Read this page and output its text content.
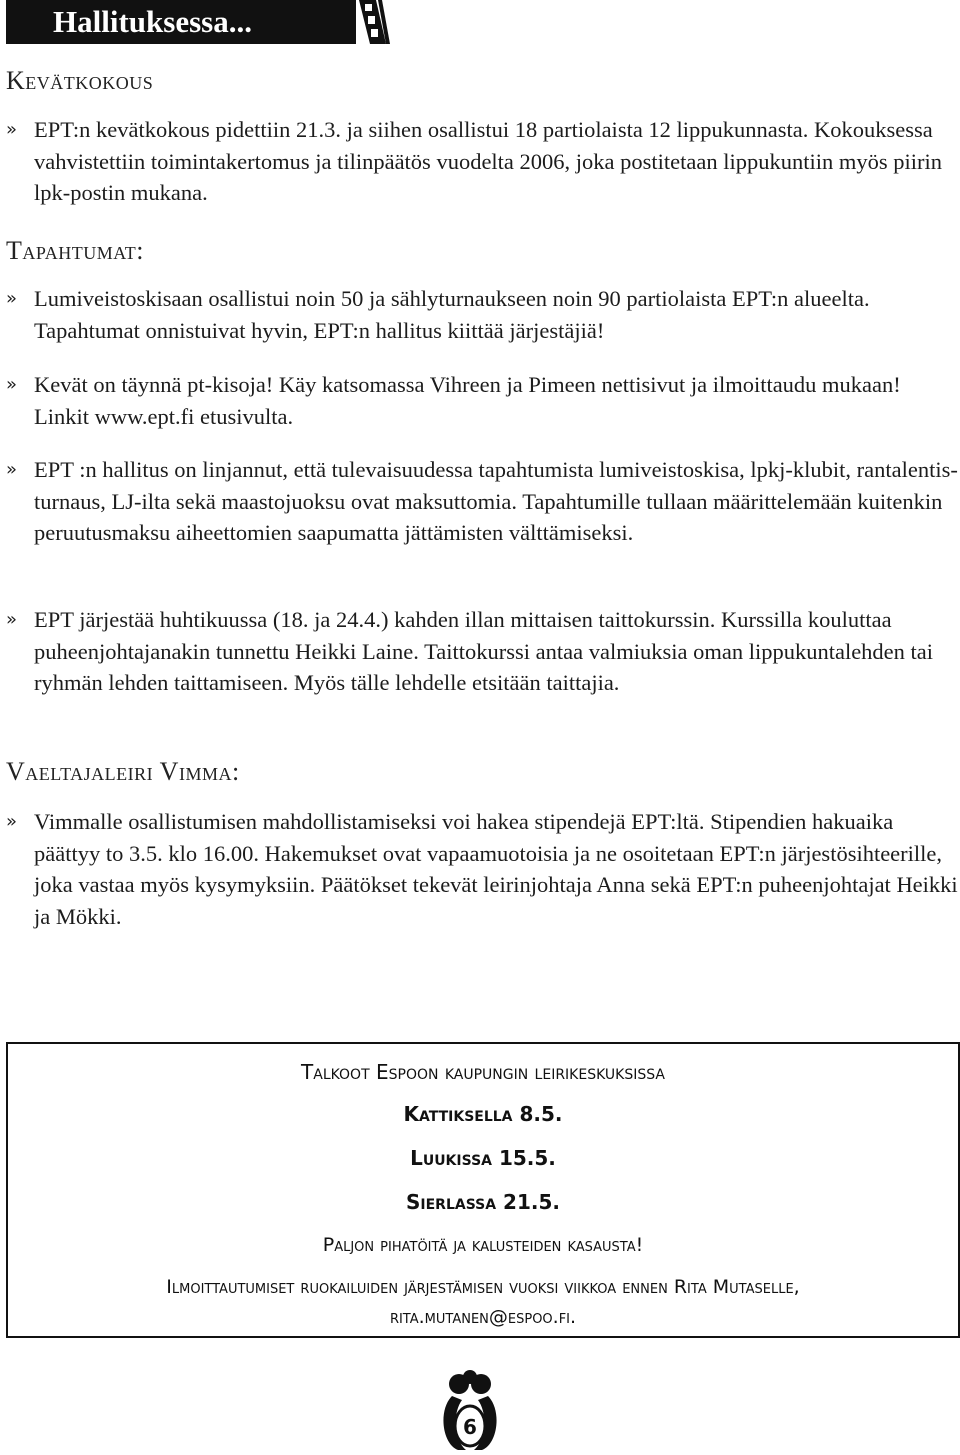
Hallituksessa...
Kevätkokous

» EPT:n kevätkokous pidettiin 21.3. ja siihen osallistui 18 partiolaista 12 lippukunnasta. Kokouksessa vahvistettiin toimintakertomus ja tilinpäätös vuodelta 2006, joka postitetaan lippukuntiin myös piirin lpk-postin mukana.

Tapahtumat:

» Lumiveistoskisaan osallistui noin 50 ja sählyturnaukseen noin 90 partiolaista EPT:n alueelta. Tapahtumat onnistuivat hyvin, EPT:n hallitus kiittää järjestäjiä!

» Kevät on täynnä pt-kisoja! Käy katsomassa Vihreen ja Pimeen nettisivut ja ilmoittaudu mukaan! Linkit www.ept.fi etusivulta.

» EPT :n hallitus on linjannut, että tulevaisuudessa tapahtumista lumiveistoskisa, lpkj-klubit, rantalentis-turnaus, LJ-ilta sekä maastojuoksu ovat maksuttomia. Tapahtumille tullaan määrittelemään kuitenkin peruutusmaksu aiheettomien saapumatta jättämisten välttämiseksi.

» EPT järjestää huhtikuussa (18. ja 24.4.) kahden illan mittaisen taittokurssin. Kurssilla kouluttaa puheenjohtajanakin tunnettu Heikki Laine. Taittokurssi antaa valmiuksia oman lippukuntalehden tai ryhmän lehden taittamiseen. Myös tälle lehdelle etsitään taittajia.

Vaeltajaleiri Vimma:

» Vimmalle osallistumisen mahdollistamiseksi voi hakea stipendejä EPT:ltä. Stipendien hakuaika päättyy to 3.5. klo 16.00. Hakemukset ovat vapaamuotoisia ja ne osoitetaan EPT:n järjestösihteerille, joka vastaa myös kysymyksiin. Päätökset tekevät leirinjohtaja Anna sekä EPT:n puheenjohtajat Heikki ja Mökki.

Talkoot Espoon kaupungin leirikeskuksissa
Kattiksella 8.5.
Luukissa 15.5.
Sierlassa 21.5.
Paljon pihatöitä ja kalusteiden kasausta!
Ilmoittautumiset ruokailuiden järjestämisen vuoksi viikkoa ennen Rita Mutaselle,
rita.mutanen@espoo.fi.
6
